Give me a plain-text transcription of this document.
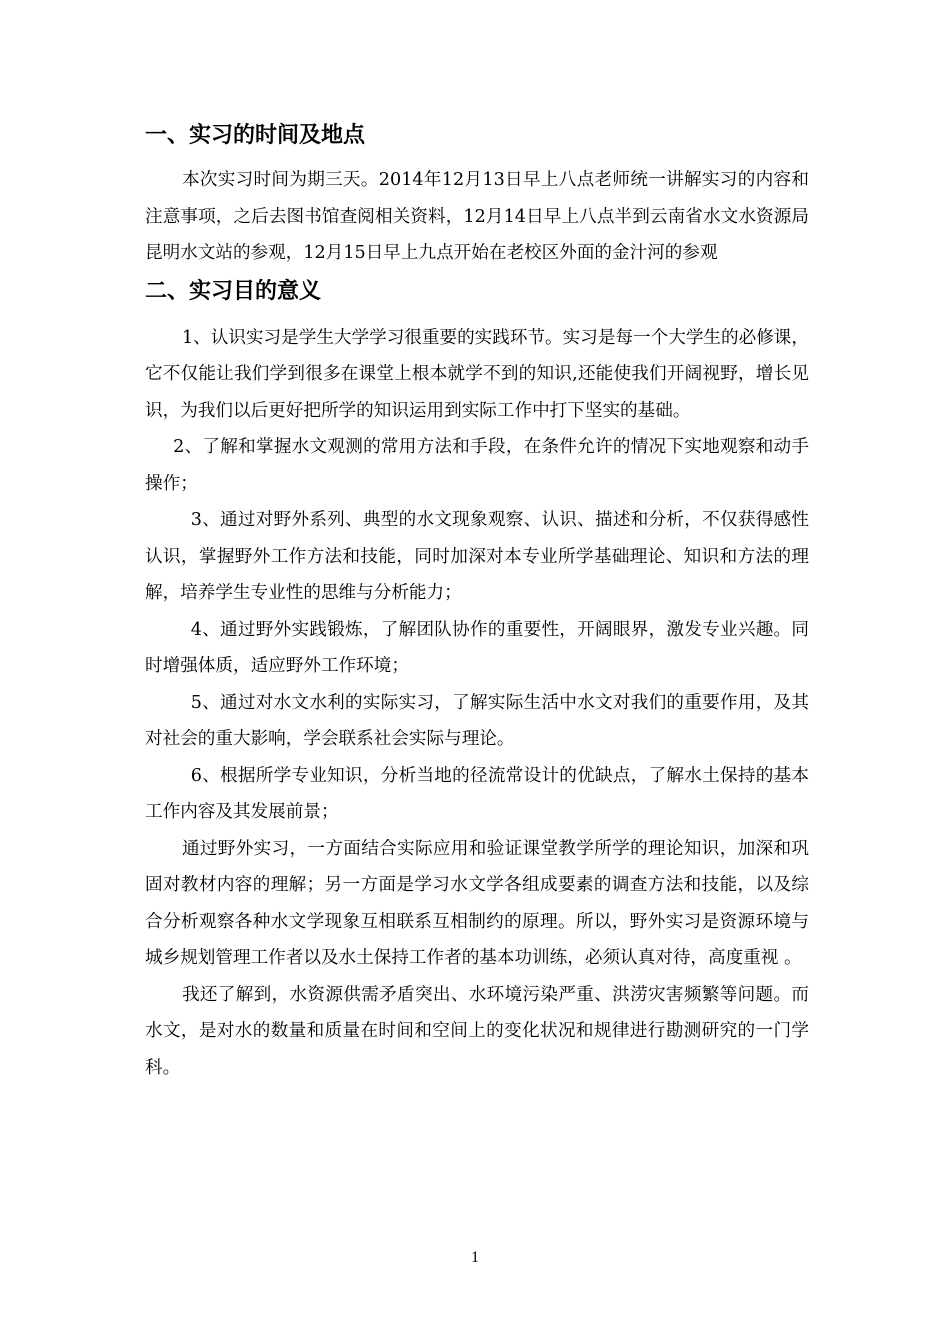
一、实习的时间及地点

本次实习时间为期三天。2014年12月13日早上八点老师统一讲解实习的内容和注意事项，之后去图书馆查阅相关资料，12月14日早上八点半到云南省水文水资源局昆明水文站的参观，12月15日早上九点开始在老校区外面的金汁河的参观

二、实习目的意义

1、认识实习是学生大学学习很重要的实践环节。实习是每一个大学生的必修课，它不仅能让我们学到很多在课堂上根本就学不到的知识,还能使我们开阔视野，增长见识，为我们以后更好把所学的知识运用到实际工作中打下坚实的基础。

2、了解和掌握水文观测的常用方法和手段，在条件允许的情况下实地观察和动手操作；

3、通过对野外系列、典型的水文现象观察、认识、描述和分析，不仅获得感性认识，掌握野外工作方法和技能，同时加深对本专业所学基础理论、知识和方法的理解，培养学生专业性的思维与分析能力；

4、通过野外实践锻炼，了解团队协作的重要性，开阔眼界，激发专业兴趣。同时增强体质，适应野外工作环境；

5、通过对水文水利的实际实习，了解实际生活中水文对我们的重要作用，及其对社会的重大影响，学会联系社会实际与理论。

6、根据所学专业知识，分析当地的径流常设计的优缺点，了解水土保持的基本工作内容及其发展前景；

通过野外实习，一方面结合实际应用和验证课堂教学所学的理论知识，加深和巩固对教材内容的理解；另一方面是学习水文学各组成要素的调查方法和技能，以及综合分析观察各种水文学现象互相联系互相制约的原理。所以，野外实习是资源环境与城乡规划管理工作者以及水土保持工作者的基本功训练，必须认真对待，高度重视 。

我还了解到，水资源供需矛盾突出、水环境污染严重、洪涝灾害频繁等问题。而水文，是对水的数量和质量在时间和空间上的变化状况和规律进行勘测研究的一门学科。

1
